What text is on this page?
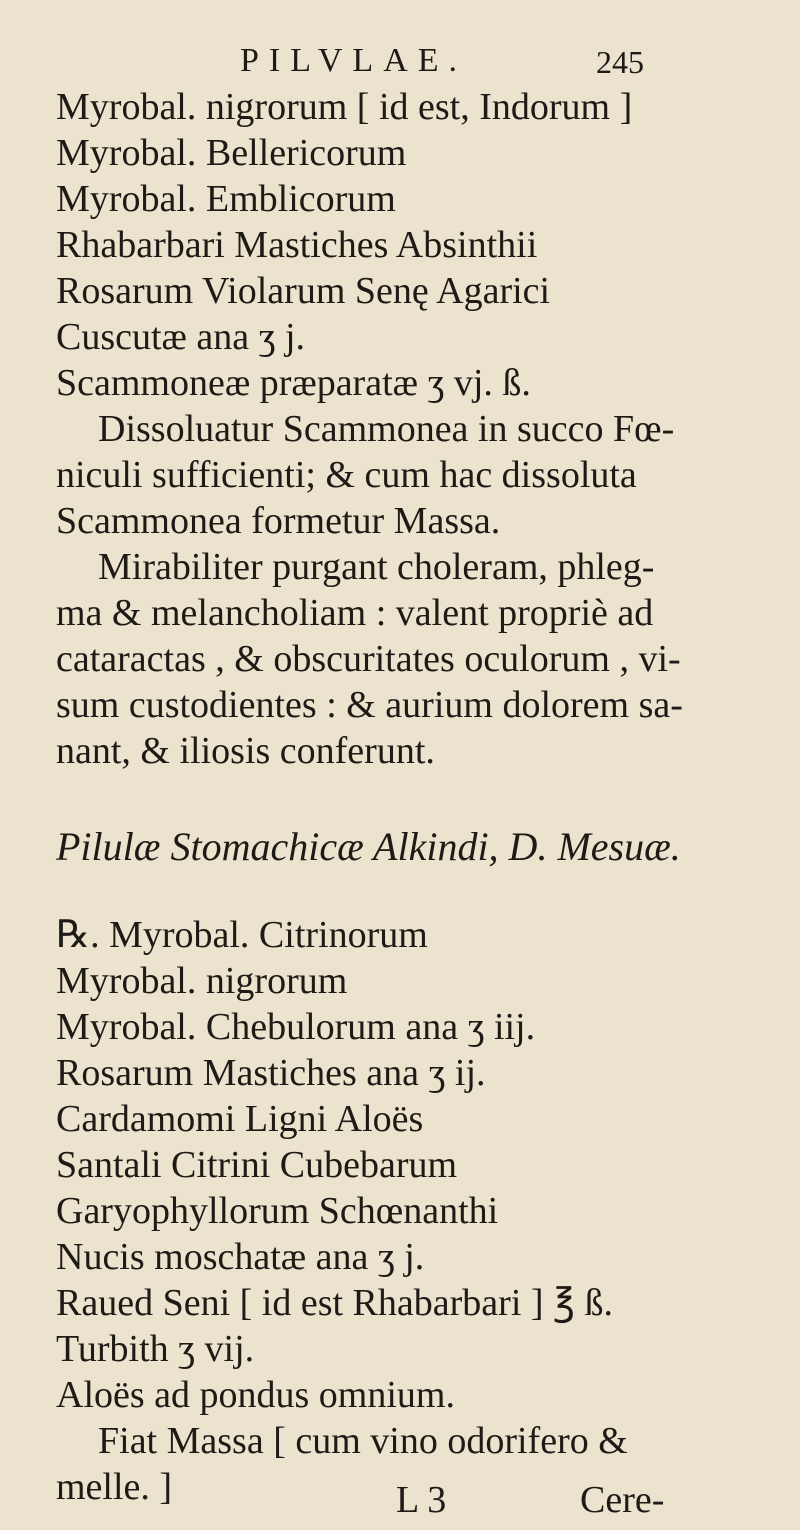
PILVLAE.	245
Myrobal. nigrorum [ id est, Indorum ]
Myrobal. Bellericorum
Myrobal. Emblicorum
Rhabarbari Mastiches Absinthii
Rosarum Violarum Senę Agarici
Cuscutæ ana ʒ j.
Scammoneæ præparatæ ʒ vj. ß.
Dissoluatur Scammonea in succo Fœ-
niculi sufficienti; & cum hac dissoluta
Scammonea formetur Massa.
Mirabiliter purgant choleram, phleg-
ma & melancholiam : valent propriè ad
cataractas , & obscuritates oculorum , vi-
sum custodientes : & aurium dolorem sa-
nant, & iliosis conferunt.
Pilulæ Stomachicæ Alkindi, D. Mesuæ.
℞. Myrobal. Citrinorum
Myrobal. nigrorum
Myrobal. Chebulorum ana ʒ iij.
Rosarum Mastiches ana ʒ ij.
Cardamomi Ligni Aloës
Santali Citrini Cubebarum
Garyophyllorum Schœnanthi
Nucis moschatæ ana ʒ j.
Raued Seni [ id est Rhabarbari ] ℥ ß.
Turbith ʒ vij.
Aloës ad pondus omnium.
Fiat Massa [ cum vino odorifero &
melle. ]	L 3	Cere-
